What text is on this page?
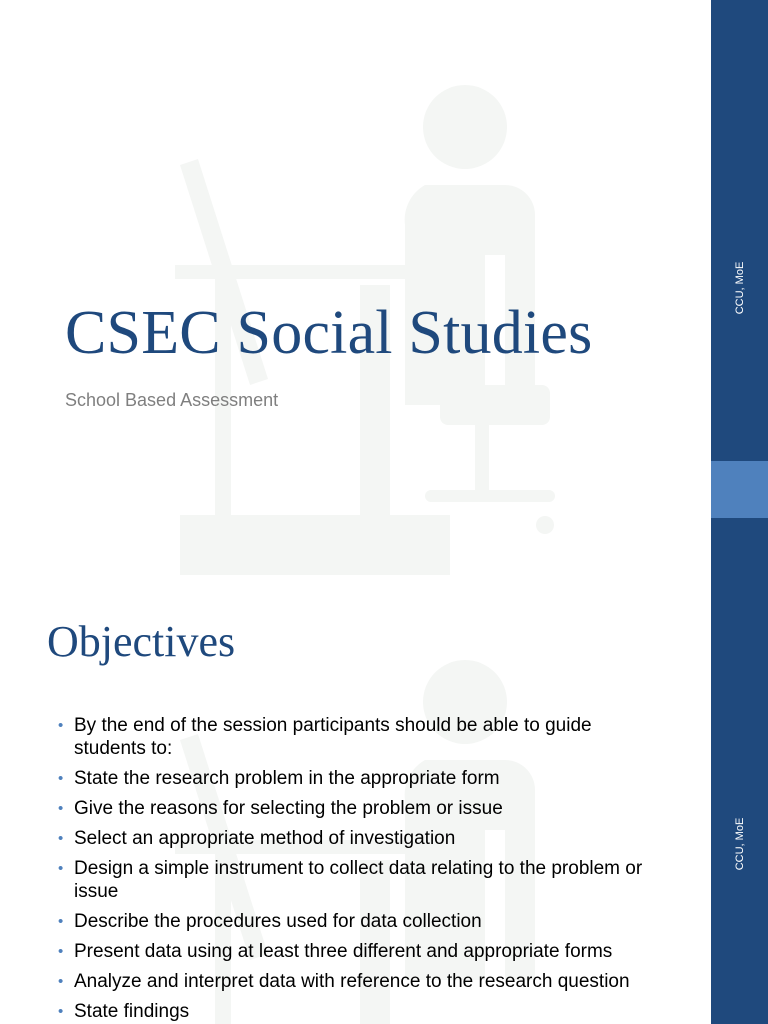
CSEC Social Studies

School Based Assessment

CCU, MoE
Objectives
• By the end of the session participants should be able to guide students to:
• State the research problem in the appropriate form
• Give the reasons for selecting the problem or issue
• Select an appropriate method of investigation
• Design a simple instrument to collect data relating to the problem or issue
• Describe the procedures used for data collection
• Present data using at least three different and appropriate forms
• Analyze and interpret data with reference to the research question
• State findings
CCU, MoE
